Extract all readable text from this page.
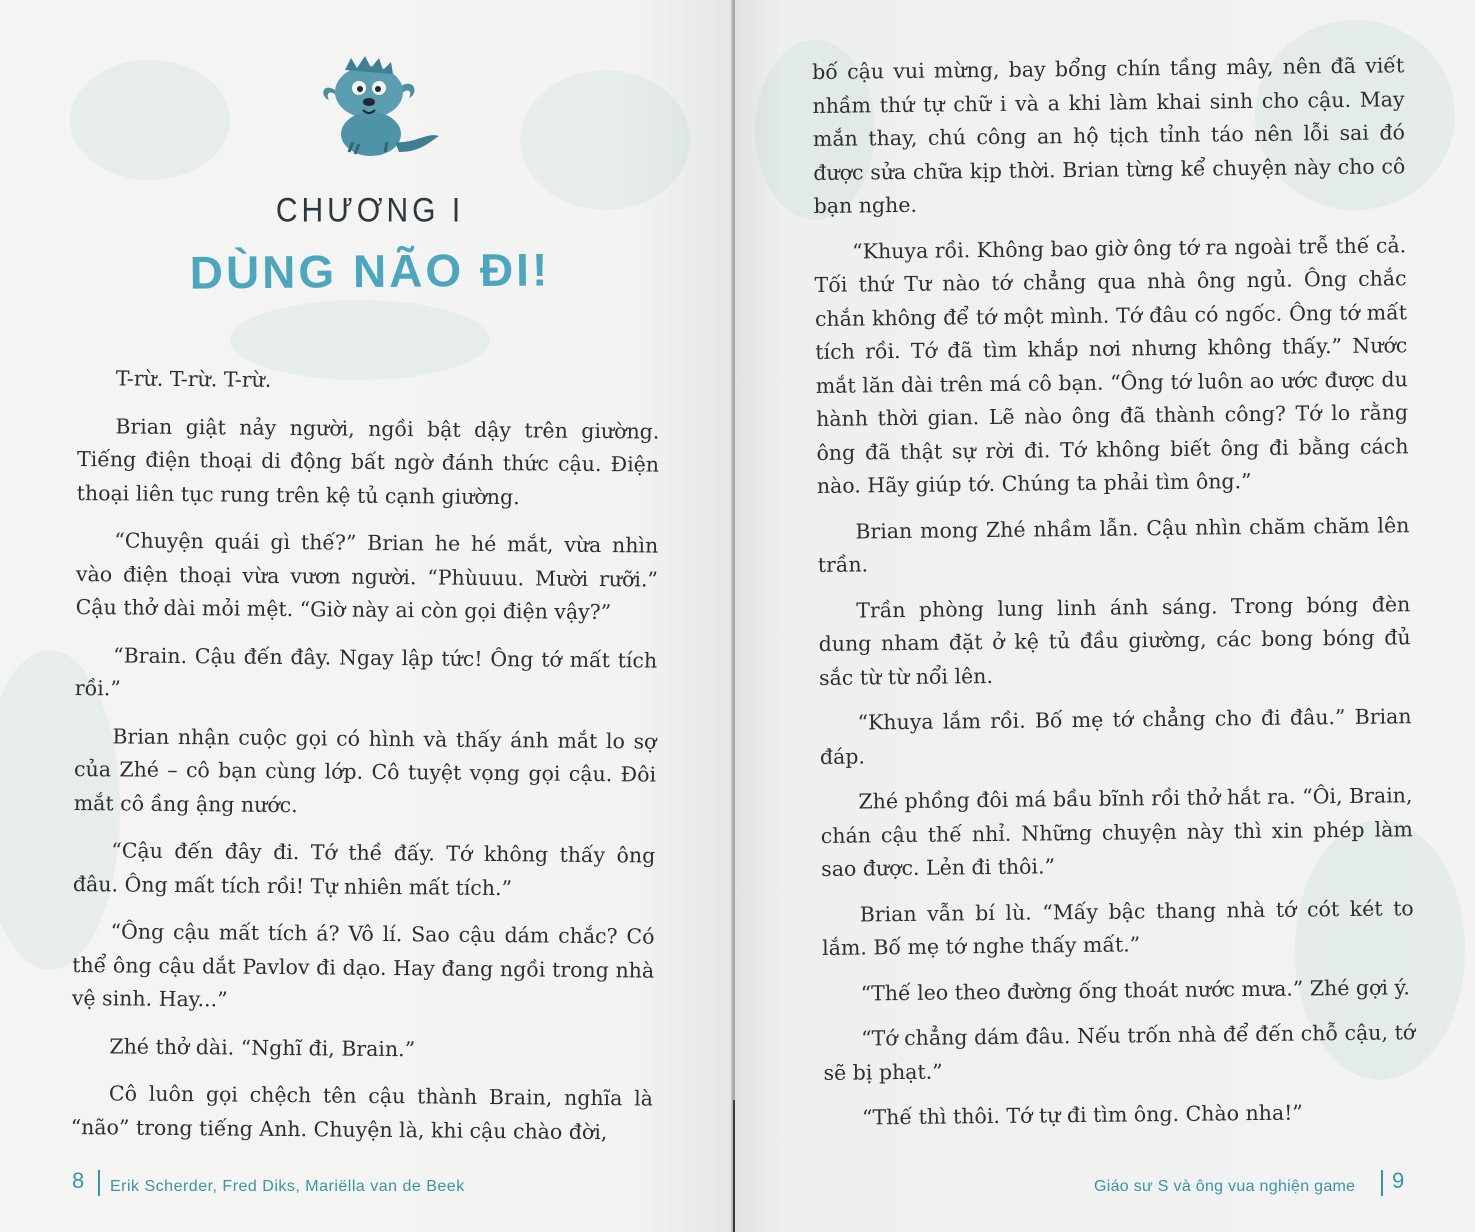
CHƯƠNG I
DÙNG NÃO ĐI!

T-rừ. T-rừ. T-rừ.

Brian giật nảy người, ngồi bật dậy trên giường. Tiếng điện thoại di động bất ngờ đánh thức cậu. Điện thoại liên tục rung trên kệ tủ cạnh giường.

“Chuyện quái gì thế?” Brian he hé mắt, vừa nhìn vào điện thoại vừa vươn người. “Phùuuu. Mười rưỡi.” Cậu thở dài mỏi mệt. “Giờ này ai còn gọi điện vậy?”

“Brain. Cậu đến đây. Ngay lập tức! Ông tớ mất tích rồi.”

Brian nhận cuộc gọi có hình và thấy ánh mắt lo sợ của Zhé – cô bạn cùng lớp. Cô tuyệt vọng gọi cậu. Đôi mắt cô ầng ậng nước.

“Cậu đến đây đi. Tớ thề đấy. Tớ không thấy ông đâu. Ông mất tích rồi! Tự nhiên mất tích.”

“Ông cậu mất tích á? Vô lí. Sao cậu dám chắc? Có thể ông cậu dắt Pavlov đi dạo. Hay đang ngồi trong nhà vệ sinh. Hay...”

Zhé thở dài. “Nghĩ đi, Brain.”

Cô luôn gọi chệch tên cậu thành Brain, nghĩa là “não” trong tiếng Anh. Chuyện là, khi cậu chào đời,

8 Erik Scherder, Fred Diks, Mariëlla van de Beek

bố cậu vui mừng, bay bổng chín tầng mây, nên đã viết nhầm thứ tự chữ i và a khi làm khai sinh cho cậu. May mắn thay, chú công an hộ tịch tỉnh táo nên lỗi sai đó được sửa chữa kịp thời. Brian từng kể chuyện này cho cô bạn nghe.

“Khuya rồi. Không bao giờ ông tớ ra ngoài trễ thế cả. Tối thứ Tư nào tớ chẳng qua nhà ông ngủ. Ông chắc chắn không để tớ một mình. Tớ đâu có ngốc. Ông tớ mất tích rồi. Tớ đã tìm khắp nơi nhưng không thấy.” Nước mắt lăn dài trên má cô bạn. “Ông tớ luôn ao ước được du hành thời gian. Lẽ nào ông đã thành công? Tớ lo rằng ông đã thật sự rời đi. Tớ không biết ông đi bằng cách nào. Hãy giúp tớ. Chúng ta phải tìm ông.”

Brian mong Zhé nhầm lẫn. Cậu nhìn chăm chăm lên trần.

Trần phòng lung linh ánh sáng. Trong bóng đèn dung nham đặt ở kệ tủ đầu giường, các bong bóng đủ sắc từ từ nổi lên.

“Khuya lắm rồi. Bố mẹ tớ chẳng cho đi đâu.” Brian đáp.

Zhé phồng đôi má bầu bĩnh rồi thở hắt ra. “Ôi, Brain, chán cậu thế nhỉ. Những chuyện này thì xin phép làm sao được. Lẻn đi thôi.”

Brian vẫn bí lù. “Mấy bậc thang nhà tớ cót két to lắm. Bố mẹ tớ nghe thấy mất.”

“Thế leo theo đường ống thoát nước mưa.” Zhé gợi ý.

“Tớ chẳng dám đâu. Nếu trốn nhà để đến chỗ cậu, tớ sẽ bị phạt.”

“Thế thì thôi. Tớ tự đi tìm ông. Chào nha!”

Giáo sư S và ông vua nghiện game 9
